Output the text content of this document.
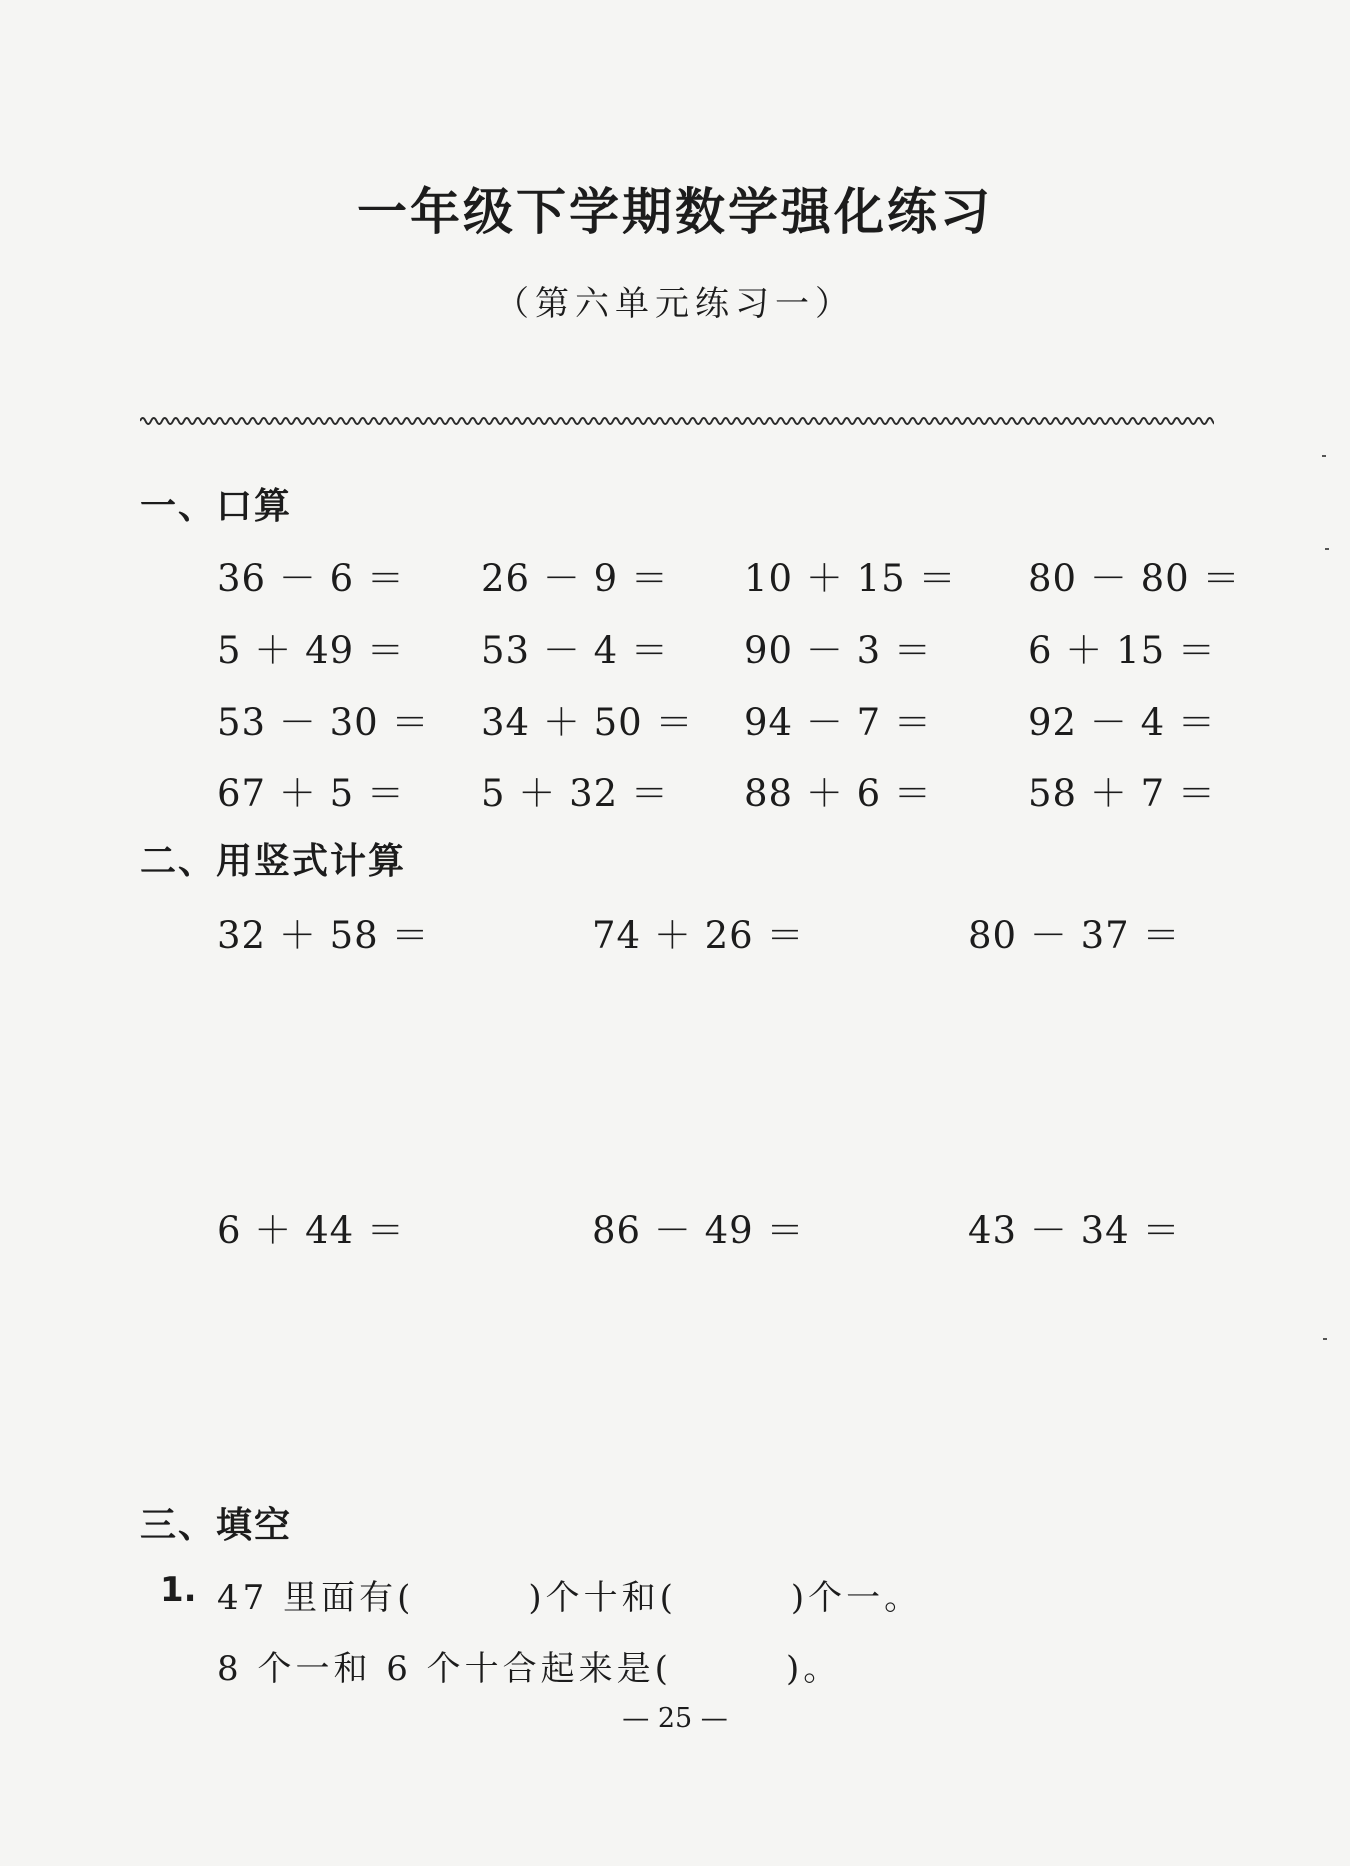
一年级下学期数学强化练习
（第六单元练习一）
一、口算
36 － 6 ＝ 26 － 9 ＝ 10 ＋ 15 ＝ 80 － 80 ＝
5 ＋ 49 ＝ 53 － 4 ＝ 90 － 3 ＝	6 ＋ 15 ＝
53 － 30 ＝ 34 ＋ 50 ＝ 94 － 7 ＝	92 － 4 ＝
67 ＋ 5 ＝ 5 ＋ 32 ＝ 88 ＋ 6 ＝	58 ＋ 7 ＝
二、用竖式计算
32 ＋ 58 ＝	74 ＋ 26 ＝	80 － 37 ＝
6 ＋ 44 ＝	86 － 49 ＝	43 － 34 ＝
三、填空
1. 47 里面有(　　　)个十和(　　　)个一。
8 个一和 6 个十合起来是(　　　)。
— 25 —
